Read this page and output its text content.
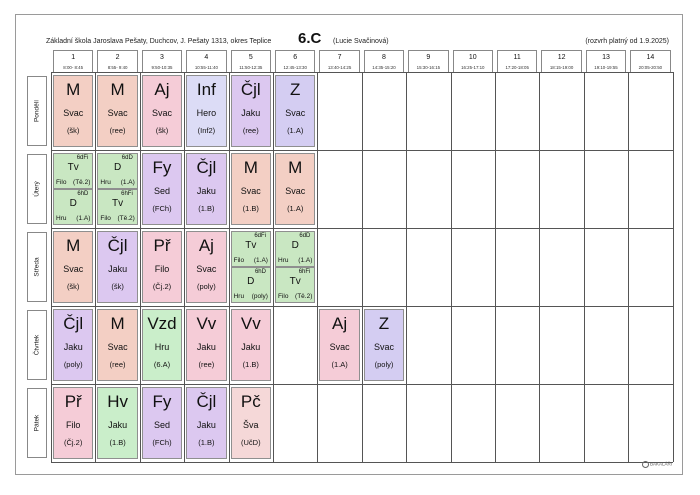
Základní škola Jaroslava Pešaty, Duchcov, J. Pešaty 1313, okres Teplice 6.C (Lucie Svačinová)	(rozvrh platný od 1.9.2025)
1
8:00- 8:45
2
8:55- 9:40
3
9:50-10:35
4
10:55-11:40
5
11:50-12:35
6
12:45-13:30
7
13:40-14:25
8
14:35-15:20
9
15:30-16:15
10
16:25-17:10
11
17:20-18:05
12
18:15-19:00
13
19:10-19:55
14
20:05-20:50
Pondělí
Úterý
Středa
Čtvrtek
Pátek
M
Svac
(šk)
M
Svac
(ree)
Aj
Svac
(šk)
Inf
Hero
(Inf2)
Čjl
Jaku
(ree)
Z
Svac
(1.A)
Fy
Sed
(FCh)
Čjl
Jaku
(1.B)
M
Svac
(1.B)
M
Svac
(1.A)
M
Svac
(šk)
Čjl
Jaku
(šk)
Př
Filo
(Čj.2)
Aj
Svac
(poly)
Čjl
Jaku
(poly)
M
Svac
(ree)
Vzd
Hru
(6.A)
Vv
Jaku
(ree)
Vv
Jaku
(1.B)
Aj
Svac
(1.A)
Z
Svac
(poly)
Př
Filo
(Čj.2)
Hv
Jaku
(1.B)
Fy
Sed
(FCh)
Čjl
Jaku
(1.B)
Pč
Šva
(UčD)
6dFi
Tv
Filo (Tě.2)
6hD
D
Hru (1.A)
6dD
D
Hru (1.A)
6hFi
Tv
Filo (Tě.2)
6dFi
Tv
Filo (1.A)
6hD
D
Hru (poly)
6dD
D
Hru (1.A)
6hFi
Tv
Filo (Tě.2)
BAKALÁŘI
